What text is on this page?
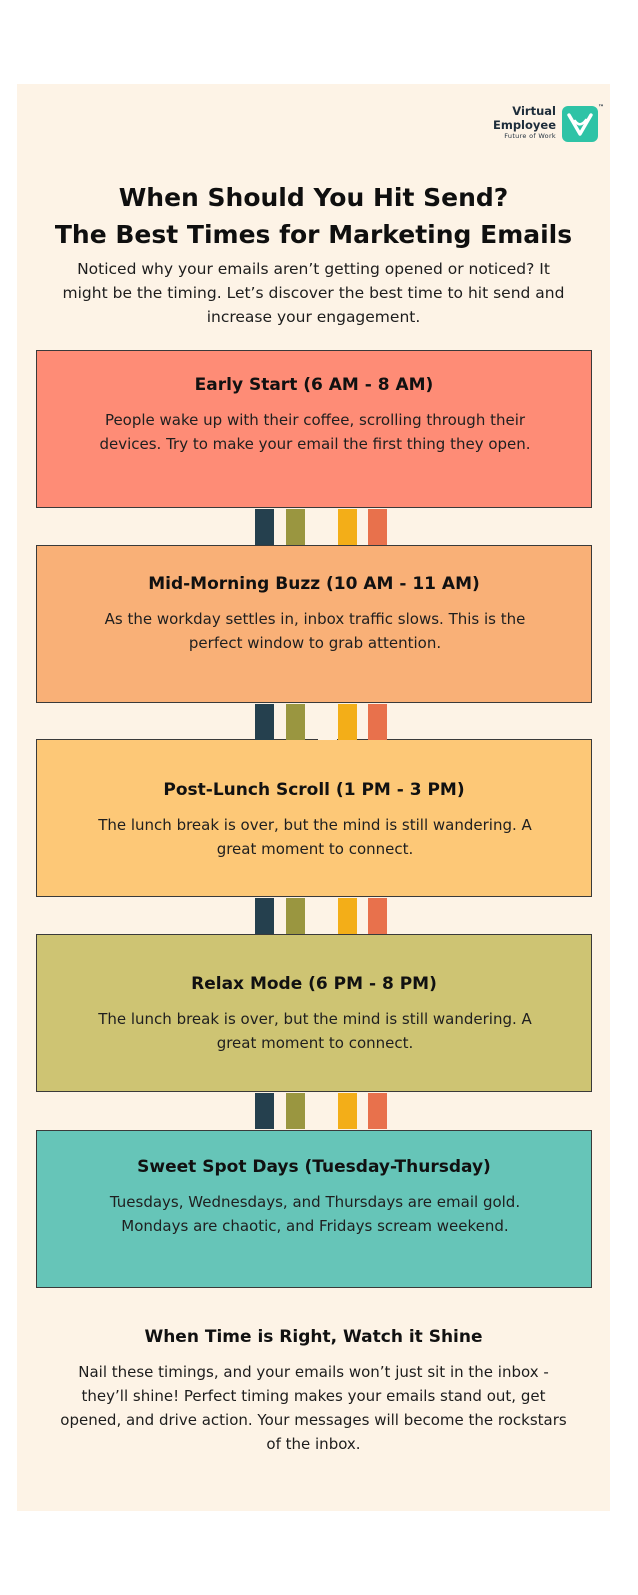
Virtual
Employee
Future of Work
™
When Should You Hit Send?
The Best Times for Marketing Emails

Noticed why your emails aren’t getting opened or noticed? It might be the timing. Let’s discover the best time to hit send and increase your engagement.

Early Start (6 AM - 8 AM)
People wake up with their coffee, scrolling through their devices. Try to make your email the first thing they open.
Mid-Morning Buzz (10 AM - 11 AM)
As the workday settles in, inbox traffic slows. This is the perfect window to grab attention.
Post-Lunch Scroll (1 PM - 3 PM)
The lunch break is over, but the mind is still wandering. A great moment to connect.
Relax Mode (6 PM - 8 PM)
The lunch break is over, but the mind is still wandering. A great moment to connect.
Sweet Spot Days (Tuesday-Thursday)
Tuesdays, Wednesdays, and Thursdays are email gold. Mondays are chaotic, and Fridays scream weekend.
When Time is Right, Watch it Shine

Nail these timings, and your emails won’t just sit in the inbox - they’ll shine! Perfect timing makes your emails stand out, get opened, and drive action. Your messages will become the rockstars of the inbox.
